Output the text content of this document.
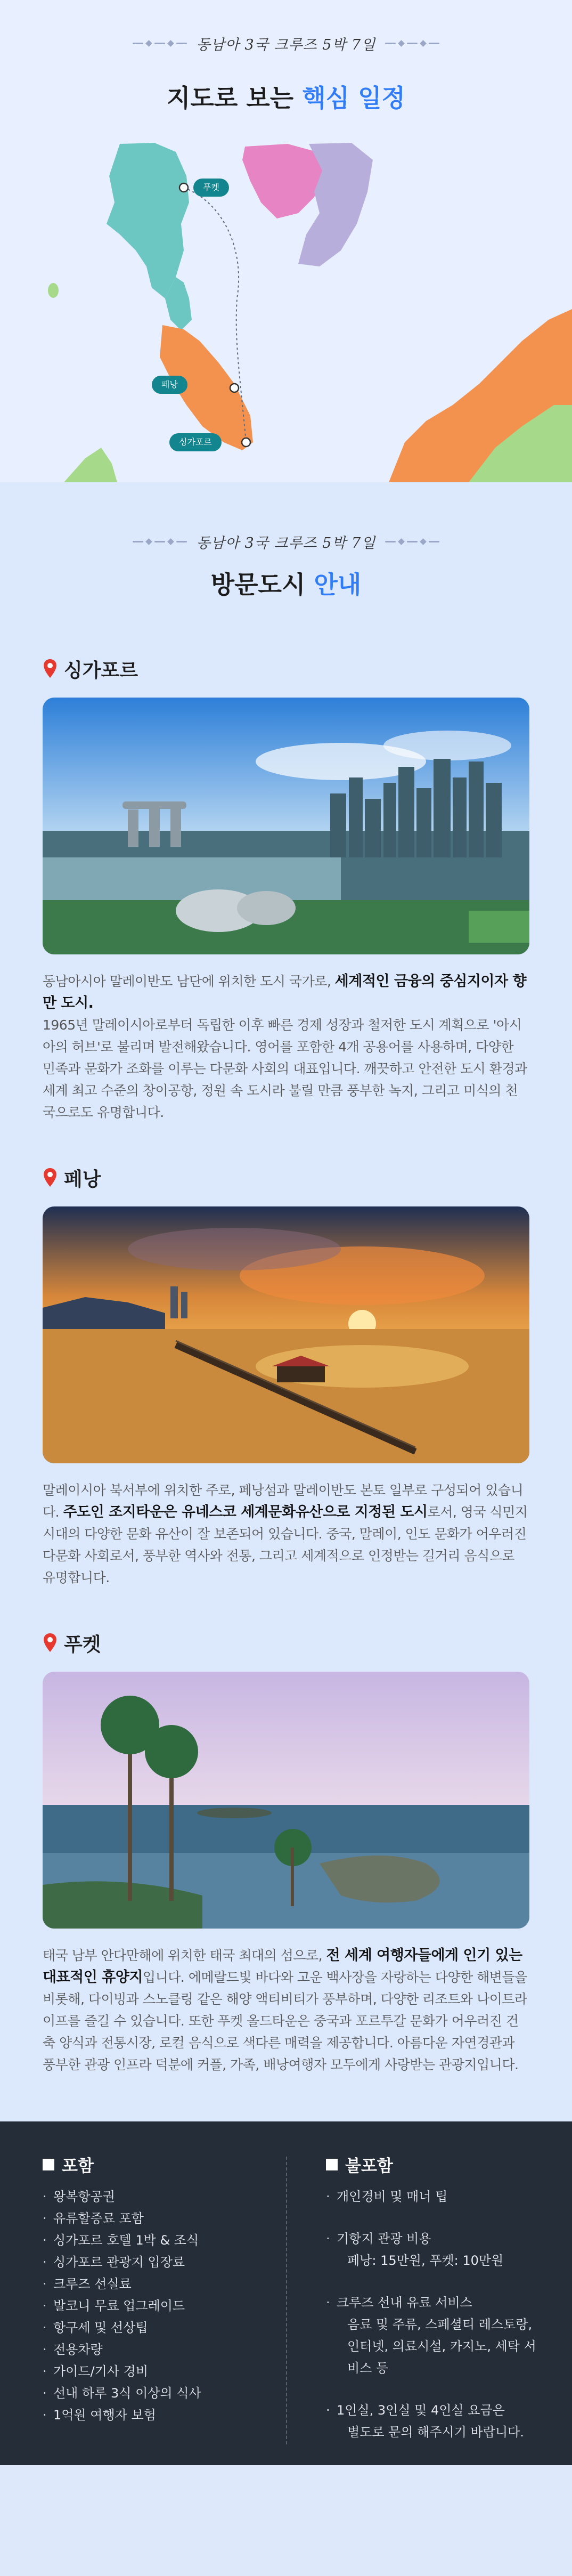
동남아 3국 크루즈 5박 7일
지도로 보는 핵심 일정
푸켓
페낭
싱가포르
동남아 3국 크루즈 5박 7일
방문도시 안내
싱가포르

동남아시아 말레이반도 남단에 위치한 도시 국가로, 세계적인 금융의 중심지이자 향만 도시.

1965년 말레이시아로부터 독립한 이후 빠른 경제 성장과 철저한 도시 계획으로 '아시아의 허브'로 불리며 발전해왔습니다. 영어를 포함한 4개 공용어를 사용하며, 다양한 민족과 문화가 조화를 이루는 다문화 사회의 대표입니다. 깨끗하고 안전한 도시 환경과 세계 최고 수준의 창이공항, 정원 속 도시라 불릴 만큼 풍부한 녹지, 그리고 미식의 천국으로도 유명합니다.

페낭

말레이시아 북서부에 위치한 주로, 페낭섬과 말레이반도 본토 일부로 구성되어 있습니다. 주도인 조지타운은 유네스코 세계문화유산으로 지정된 도시로서, 영국 식민지 시대의 다양한 문화 유산이 잘 보존되어 있습니다. 중국, 말레이, 인도 문화가 어우러진 다문화 사회로서, 풍부한 역사와 전통, 그리고 세계적으로 인정받는 길거리 음식으로 유명합니다.

푸켓

태국 남부 안다만해에 위치한 태국 최대의 섬으로, 전 세계 여행자들에게 인기 있는 대표적인 휴양지입니다. 에메랄드빛 바다와 고운 백사장을 자랑하는 다양한 해변들을 비롯해, 다이빙과 스노클링 같은 해양 액티비티가 풍부하며, 다양한 리조트와 나이트라이프를 즐길 수 있습니다. 또한 푸켓 올드타운은 중국과 포르투갈 문화가 어우러진 건축 양식과 전통시장, 로컬 음식으로 색다른 매력을 제공합니다. 아름다운 자연경관과 풍부한 관광 인프라 덕분에 커플, 가족, 배낭여행자 모두에게 사랑받는 관광지입니다.

포함
· 왕복항공권
· 유류할증료 포함
· 싱가포르 호텔 1박 & 조식
· 싱가포르 관광지 입장료
· 크루즈 선실료
· 발코니 무료 업그레이드
· 항구세 및 선상팁
· 전용차량
· 가이드/기사 경비
· 선내 하루 3식 이상의 식사
· 1억원 여행자 보험
불포함
· 개인경비 및 매너 팁
· 기항지 관광 비용
페낭: 15만원, 푸켓: 10만원
· 크루즈 선내 유료 서비스
음료 및 주류, 스페셜티 레스토랑, 인터넷, 의료시설, 카지노, 세탁 서비스 등
· 1인실, 3인실 및 4인실 요금은
별도로 문의 해주시기 바랍니다.
